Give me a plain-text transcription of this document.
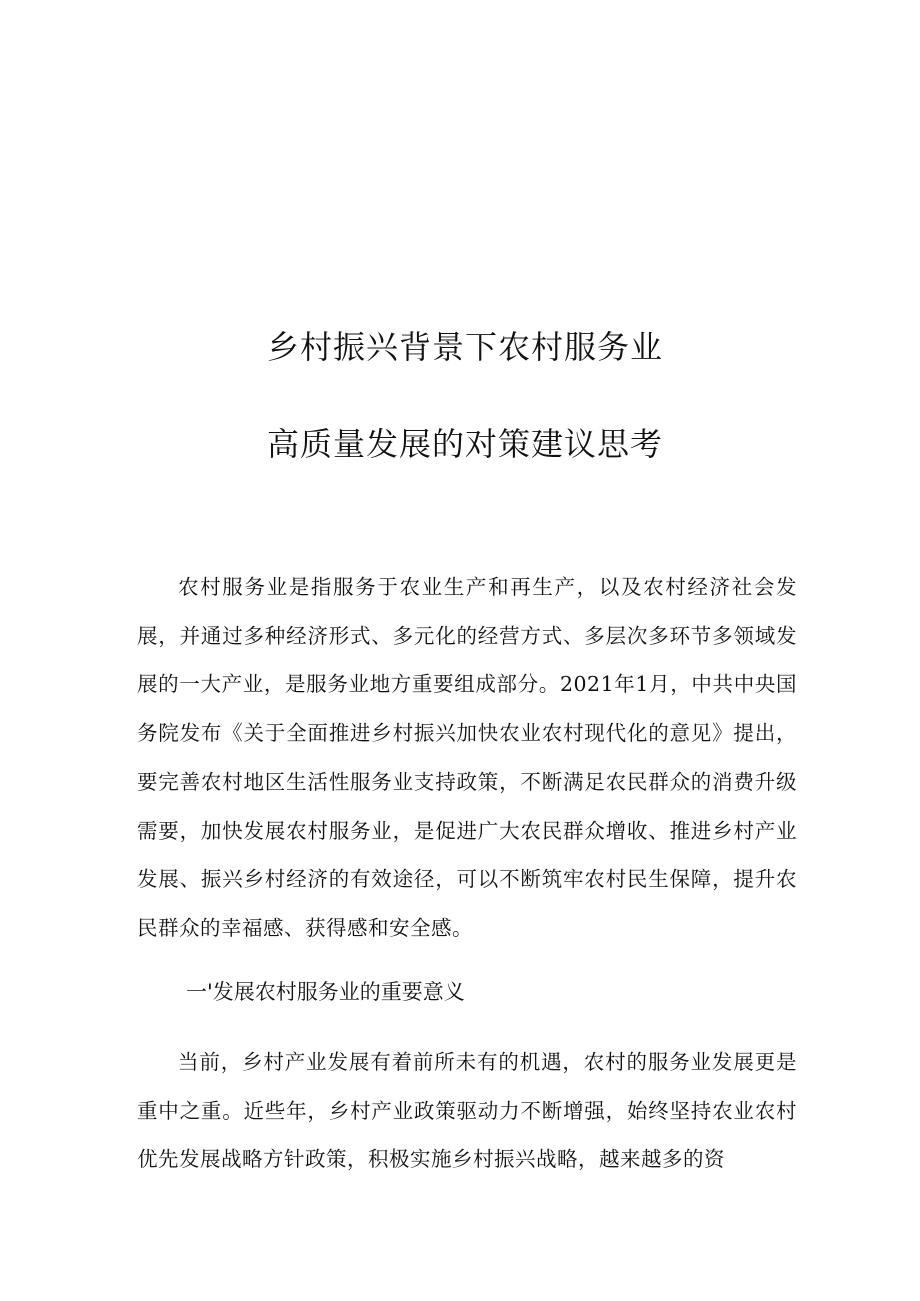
乡村振兴背景下农村服务业
高质量发展的对策建议思考

农村服务业是指服务于农业生产和再生产，以及农村经济社会发展，并通过多种经济形式、多元化的经营方式、多层次多环节多领域发展的一大产业，是服务业地方重要组成部分。2021年1月，中共中央国务院发布《关于全面推进乡村振兴加快农业农村现代化的意见》提出，要完善农村地区生活性服务业支持政策，不断满足农民群众的消费升级需要，加快发展农村服务业，是促进广大农民群众增收、推进乡村产业发展、振兴乡村经济的有效途径，可以不断筑牢农村民生保障，提升农民群众的幸福感、获得感和安全感。

一'发展农村服务业的重要意义

当前，乡村产业发展有着前所未有的机遇，农村的服务业发展更是重中之重。近些年，乡村产业政策驱动力不断增强，始终坚持农业农村优先发展战略方针政策，积极实施乡村振兴战略，越来越多的资
